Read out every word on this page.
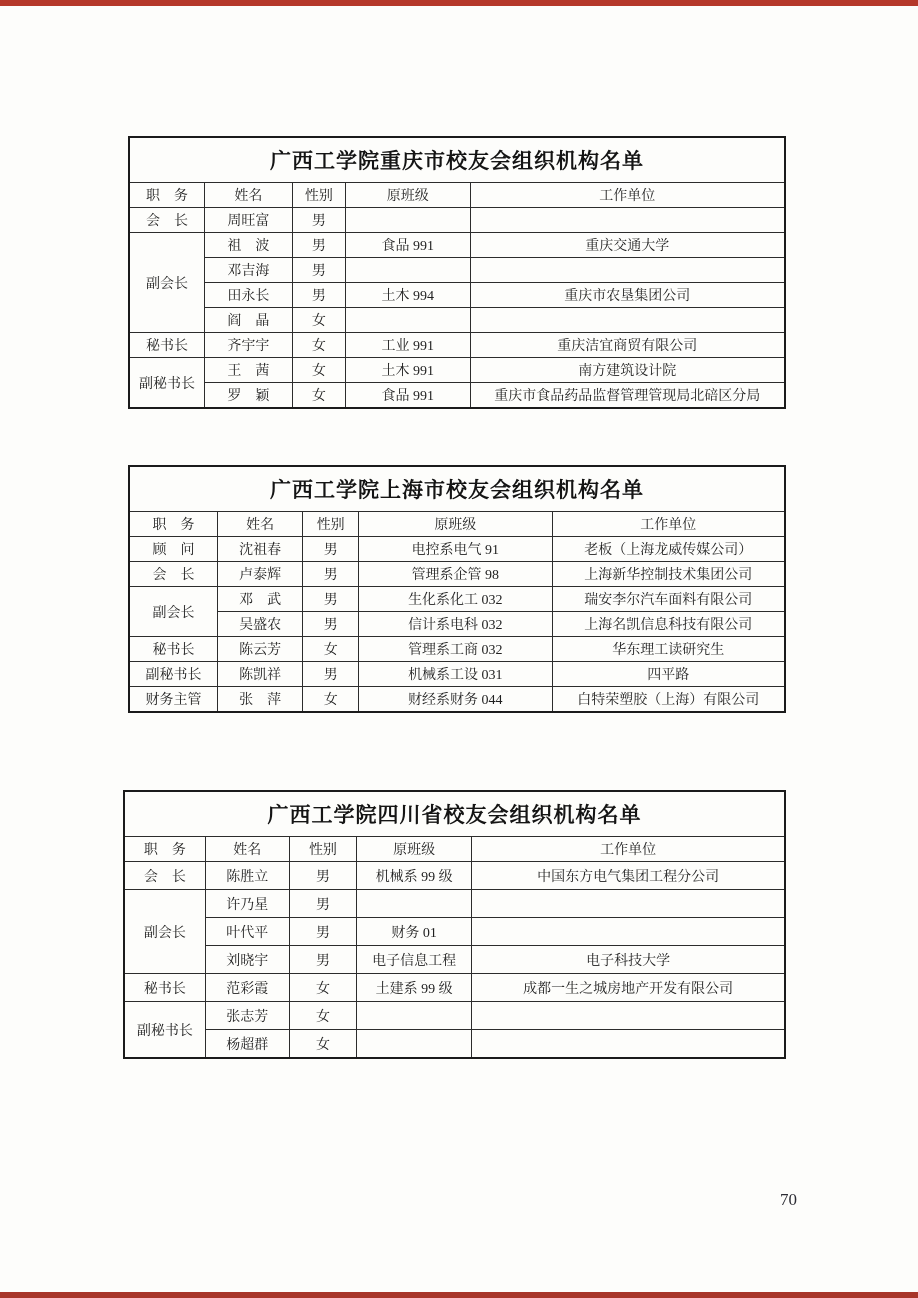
广西工学院重庆市校友会组织机构名单				
职　务	姓名	性别	原班级	工作单位
会　长	周旺富	男		
副会长	祖　波	男	食品 991	重庆交通大学
	邓吉海	男		
	田永长	男	土木 994	重庆市农垦集团公司
	阎　晶	女		
秘书长	齐宇宇	女	工业 991	重庆洁宜商贸有限公司
副秘书长	王　茜	女	土木 991	南方建筑设计院
	罗　颖	女	食品 991	重庆市食品药品监督管理管现局北碚区分局
广西工学院上海市校友会组织机构名单				
职　务	姓名	性别	原班级	工作单位
顾　问	沈祖春	男	电控系电气 91	老板（上海龙威传媒公司）
会　长	卢泰辉	男	管理系企管 98	上海新华控制技术集团公司
副会长	邓　武	男	生化系化工 032	瑞安李尔汽车面料有限公司
	吴盛农	男	信计系电科 032	上海名凯信息科技有限公司
秘书长	陈云芳	女	管理系工商 032	华东理工读研究生
副秘书长	陈凯祥	男	机械系工设 031	四平路
财务主管	张　萍	女	财经系财务 044	白特荣塑胶（上海）有限公司
广西工学院四川省校友会组织机构名单				
职　务	姓名	性别	原班级	工作单位
会　长	陈胜立	男	机械系 99 级	中国东方电气集团工程分公司
副会长	许乃星	男		
	叶代平	男	财务 01	
	刘晓宇	男	电子信息工程	电子科技大学
秘书长	范彩霞	女	土建系 99 级	成都一生之城房地产开发有限公司
副秘书长	张志芳	女		
	杨超群	女		
70
